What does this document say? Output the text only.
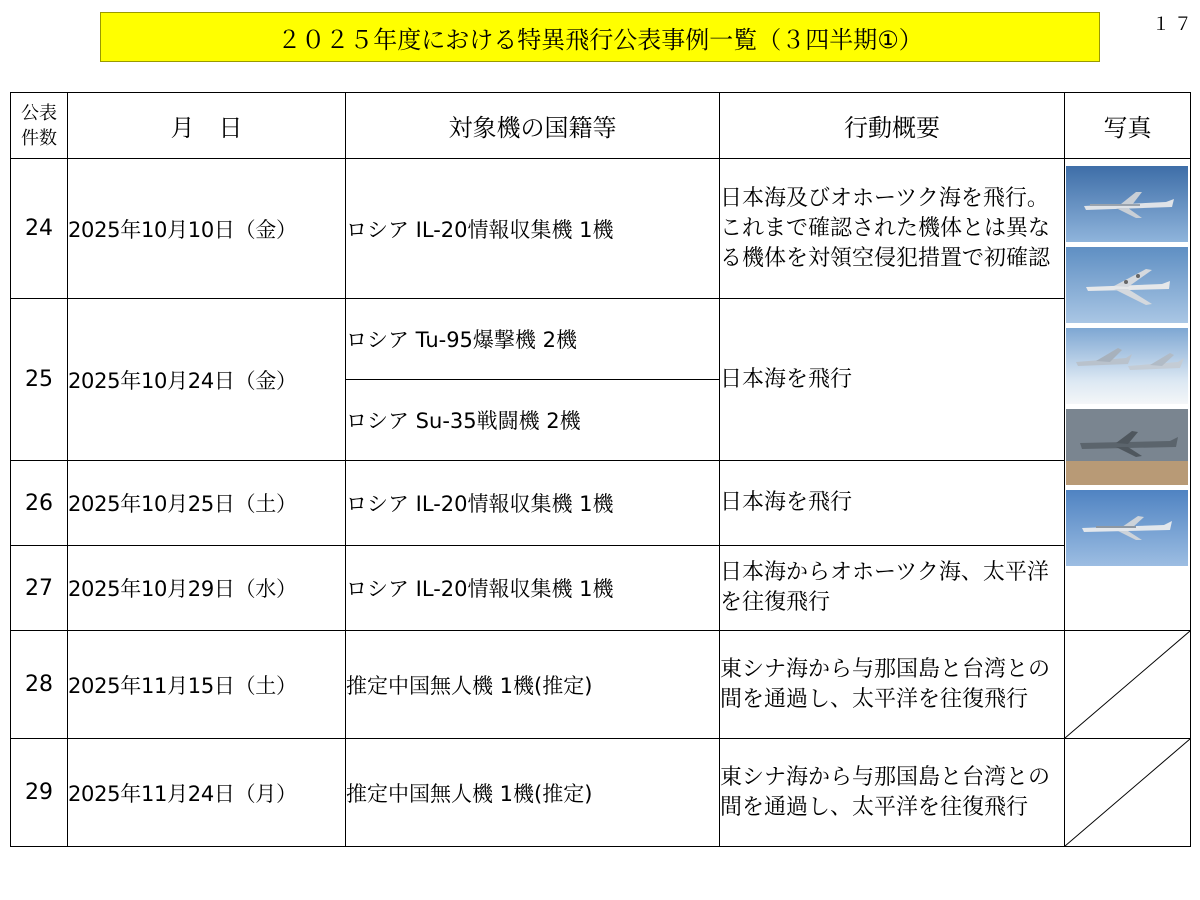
２０２５年度における特異飛行公表事例一覧（３四半期①）
１７
公表
件数	月　日	対象機の国籍等	行動概要	写真
24	2025年10月10日（金）	ロシア IL-20情報収集機 1機	日本海及びオホーツク海を飛行。これまで確認された機体とは異なる機体を対領空侵犯措置で初確認	
25	2025年10月24日（金）	ロシア Tu-95爆撃機 2機	日本海を飛行	
		ロシア Su-35戦闘機 2機		
26	2025年10月25日（土）	ロシア IL-20情報収集機 1機	日本海を飛行	
27	2025年10月29日（水）	ロシア IL-20情報収集機 1機	日本海からオホーツク海、太平洋を往復飛行	
28	2025年11月15日（土）	推定中国無人機 1機(推定)	東シナ海から与那国島と台湾との間を通過し、太平洋を往復飛行	

29	2025年11月24日（月）	推定中国無人機 1機(推定)	東シナ海から与那国島と台湾との間を通過し、太平洋を往復飛行	
